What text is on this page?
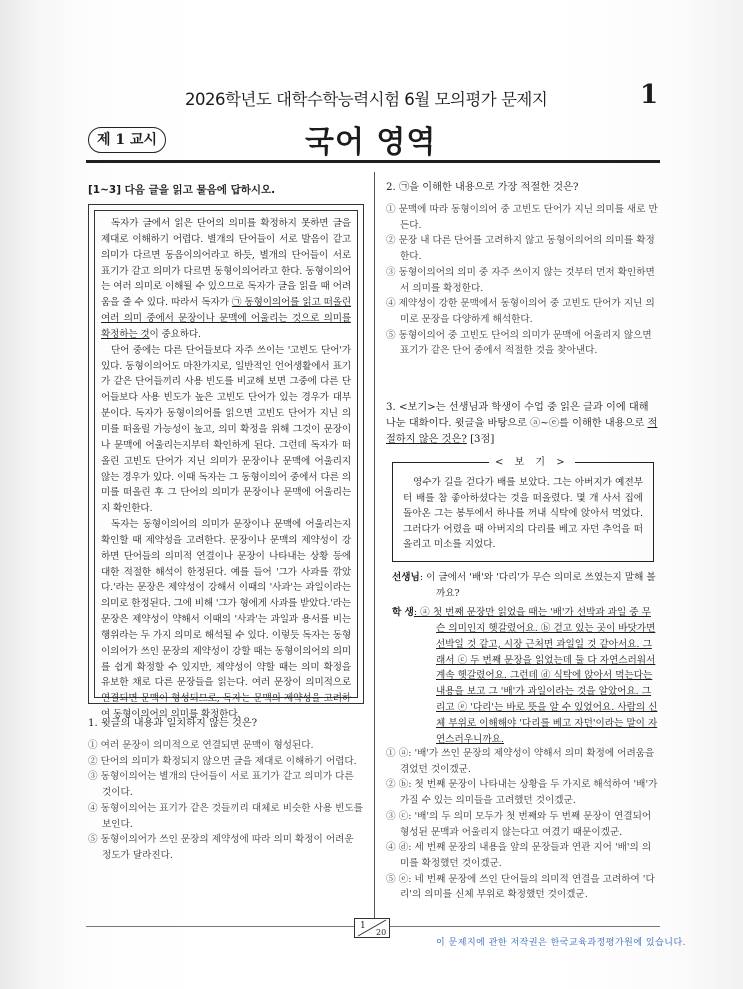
2026학년도 대학수학능력시험 6월 모의평가 문제지	1
제 1 교시	국어 영역
[1~3] 다음 글을 읽고 물음에 답하시오.

독자가 글에서 읽은 단어의 의미를 확정하지 못하면 글을 제대로 이해하기 어렵다. 별개의 단어들이 서로 발음이 같고 의미가 다르면 동음이의어라고 하듯, 별개의 단어들이 서로 표기가 같고 의미가 다르면 동형이의어라고 한다. 동형이의어는 여러 의미로 이해될 수 있으므로 독자가 글을 읽을 때 어려움을 줄 수 있다. 따라서 독자가 ㉠ 동형이의어를 읽고 떠올린 여러 의미 중에서 문장이나 문맥에 어울리는 것으로 의미를 확정하는 것이 중요하다.

단어 중에는 다른 단어들보다 자주 쓰이는 '고빈도 단어'가 있다. 동형이의어도 마찬가지로, 일반적인 언어생활에서 표기가 같은 단어들끼리 사용 빈도를 비교해 보면 그중에 다른 단어들보다 사용 빈도가 높은 고빈도 단어가 있는 경우가 대부분이다. 독자가 동형이의어를 읽으면 고빈도 단어가 지닌 의미를 떠올릴 가능성이 높고, 의미 확정을 위해 그것이 문장이나 문맥에 어울리는지부터 확인하게 된다. 그런데 독자가 떠올린 고빈도 단어가 지닌 의미가 문장이나 문맥에 어울리지 않는 경우가 있다. 이때 독자는 그 동형이의어 중에서 다른 의미를 떠올린 후 그 단어의 의미가 문장이나 문맥에 어울리는지 확인한다.

독자는 동형이의어의 의미가 문장이나 문맥에 어울리는지 확인할 때 제약성을 고려한다. 문장이나 문맥의 제약성이 강하면 단어들의 의미적 연결이나 문장이 나타내는 상황 등에 대한 적절한 해석이 한정된다. 예를 들어 '그가 사과를 깎았다.'라는 문장은 제약성이 강해서 이때의 '사과'는 과일이라는 의미로 한정된다. 그에 비해 '그가 형에게 사과를 받았다.'라는 문장은 제약성이 약해서 이때의 '사과'는 과일과 용서를 비는 행위라는 두 가지 의미로 해석될 수 있다. 이렇듯 독자는 동형이의어가 쓰인 문장의 제약성이 강할 때는 동형이의어의 의미를 쉽게 확정할 수 있지만, 제약성이 약할 때는 의미 확정을 유보한 채로 다른 문장들을 읽는다. 여러 문장이 의미적으로 연결되면 문맥이 형성되므로, 독자는 문맥의 제약성을 고려하여 동형이의어의 의미를 확정한다.

1. 윗글의 내용과 일치하지 않는 것은?

① 여러 문장이 의미적으로 연결되면 문맥이 형성된다.

② 단어의 의미가 확정되지 않으면 글을 제대로 이해하기 어렵다.

③ 동형이의어는 별개의 단어들이 서로 표기가 같고 의미가 다른 것이다.

④ 동형이의어는 표기가 같은 것들끼리 대체로 비슷한 사용 빈도를 보인다.

⑤ 동형이의어가 쓰인 문장의 제약성에 따라 의미 확정이 어려운 정도가 달라진다.

2. ㉠을 이해한 내용으로 가장 적절한 것은?

① 문맥에 따라 동형이의어 중 고빈도 단어가 지닌 의미를 새로 만든다.

② 문장 내 다른 단어를 고려하지 않고 동형이의어의 의미를 확정한다.

③ 동형이의어의 의미 중 자주 쓰이지 않는 것부터 먼저 확인하면서 의미를 확정한다.

④ 제약성이 강한 문맥에서 동형이의어 중 고빈도 단어가 지닌 의미로 문장을 다양하게 해석한다.

⑤ 동형이의어 중 고빈도 단어의 의미가 문맥에 어울리지 않으면 표기가 같은 단어 중에서 적절한 것을 찾아낸다.

3. <보기>는 선생님과 학생이 수업 중 읽은 글과 이에 대해 나눈 대화이다. 윗글을 바탕으로 ⓐ~ⓔ를 이해한 내용으로 적절하지 않은 것은? [3점]

< 보 기 >

영수가 길을 걷다가 배를 보았다. 그는 아버지가 예전부터 배를 참 좋아하셨다는 것을 떠올렸다. 몇 개 사서 집에 돌아온 그는 봉투에서 하나를 꺼내 식탁에 앉아서 먹었다. 그러다가 어렸을 때 아버지의 다리를 베고 자던 추억을 떠올리고 미소를 지었다.

선생님: 이 글에서 '배'와 '다리'가 무슨 의미로 쓰였는지 말해 볼까요?

학 생: ⓐ 첫 번째 문장만 읽었을 때는 '배'가 선박과 과일 중 무슨 의미인지 헷갈렸어요. ⓑ 걷고 있는 곳이 바닷가면 선박일 것 같고, 시장 근처면 과일일 것 같아서요. 그래서 ⓒ 두 번째 문장을 읽었는데 둘 다 자연스러워서 계속 헷갈렸어요. 그런데 ⓓ 식탁에 앉아서 먹는다는 내용을 보고 그 '배'가 과일이라는 것을 알았어요. 그리고 ⓔ '다리'는 바로 뜻을 알 수 있었어요. 사람의 신체 부위로 이해해야 '다리를 베고 자던'이라는 말이 자연스러우니까요.

① ⓐ: '배'가 쓰인 문장의 제약성이 약해서 의미 확정에 어려움을 겪었던 것이겠군.

② ⓑ: 첫 번째 문장이 나타내는 상황을 두 가지로 해석하여 '배'가 가질 수 있는 의미들을 고려했던 것이겠군.

③ ⓒ: '배'의 두 의미 모두가 첫 번째와 두 번째 문장이 연결되어 형성된 문맥과 어울리지 않는다고 여겼기 때문이겠군.

④ ⓓ: 세 번째 문장의 내용을 앞의 문장들과 연관 지어 '배'의 의미를 확정했던 것이겠군.

⑤ ⓔ: 네 번째 문장에 쓰인 단어들의 의미적 연결을 고려하여 '다리'의 의미를 신체 부위로 확정했던 것이겠군.

1
20
이 문제지에 관한 저작권은 한국교육과정평가원에 있습니다.
